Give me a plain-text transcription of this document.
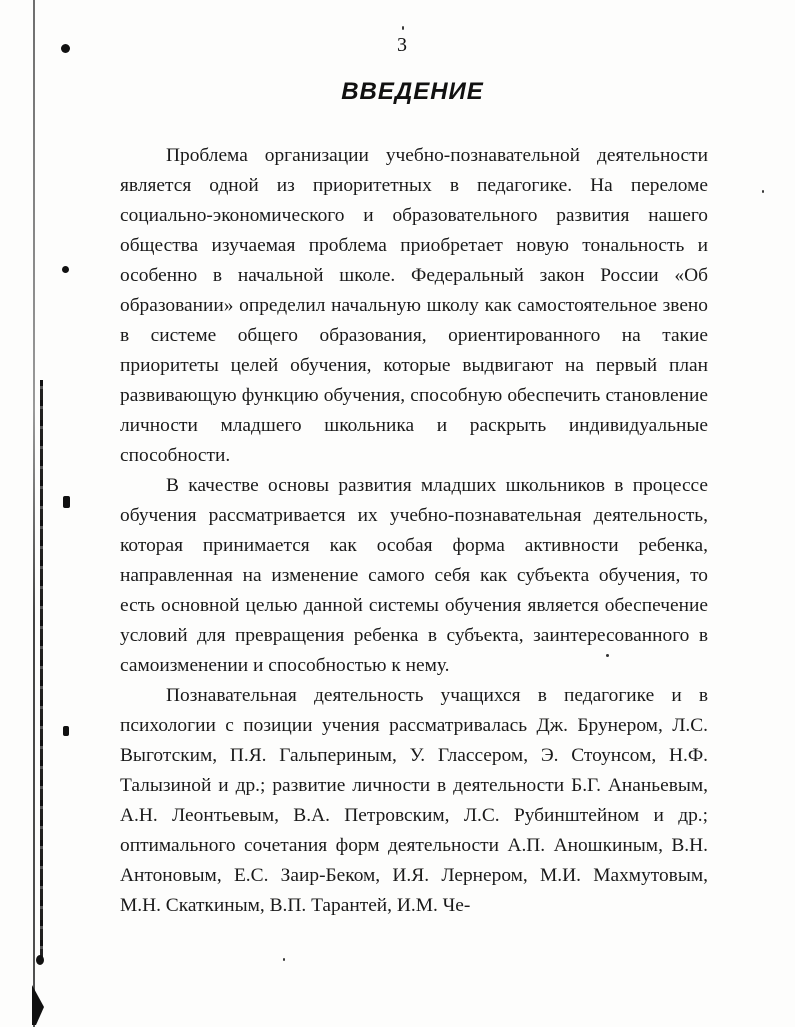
3
ВВЕДЕНИЕ

Проблема организации учебно-познавательной деятельности является одной из приоритетных в педагогике. На переломе социально-экономического и образовательного развития нашего общества изучаемая проблема приобретает новую тональность и особенно в начальной школе. Федеральный закон России «Об образовании» определил начальную школу как самостоятельное звено в системе общего образования, ориентированного на такие приоритеты целей обучения, которые выдвигают на первый план развивающую функцию обучения, способную обеспечить становление личности младшего школьника и раскрыть индивидуальные способности.

В качестве основы развития младших школьников в процессе обучения рассматривается их учебно-познавательная деятельность, которая принимается как особая форма активности ребенка, направленная на изменение самого себя как субъекта обучения, то есть основной целью данной системы обучения является обеспечение условий для превращения ребенка в субъекта, заинтересованного в самоизменении и способностью к нему.

Познавательная деятельность учащихся в педагогике и в психологии с позиции учения рассматривалась Дж. Брунером, Л.С. Выготским, П.Я. Гальпериным, У. Глассером, Э. Стоунсом, Н.Ф. Талызиной и др.; развитие личности в деятельности Б.Г. Ананьевым, А.Н. Леонтьевым, В.А. Петровским, Л.С. Рубинштейном и др.; оптимального сочетания форм деятельности А.П. Аношкиным, В.Н. Антоновым, Е.С. Заир-Беком, И.Я. Лернером, М.И. Махмутовым, М.Н. Скаткиным, В.П. Тарантей, И.М. Че-
